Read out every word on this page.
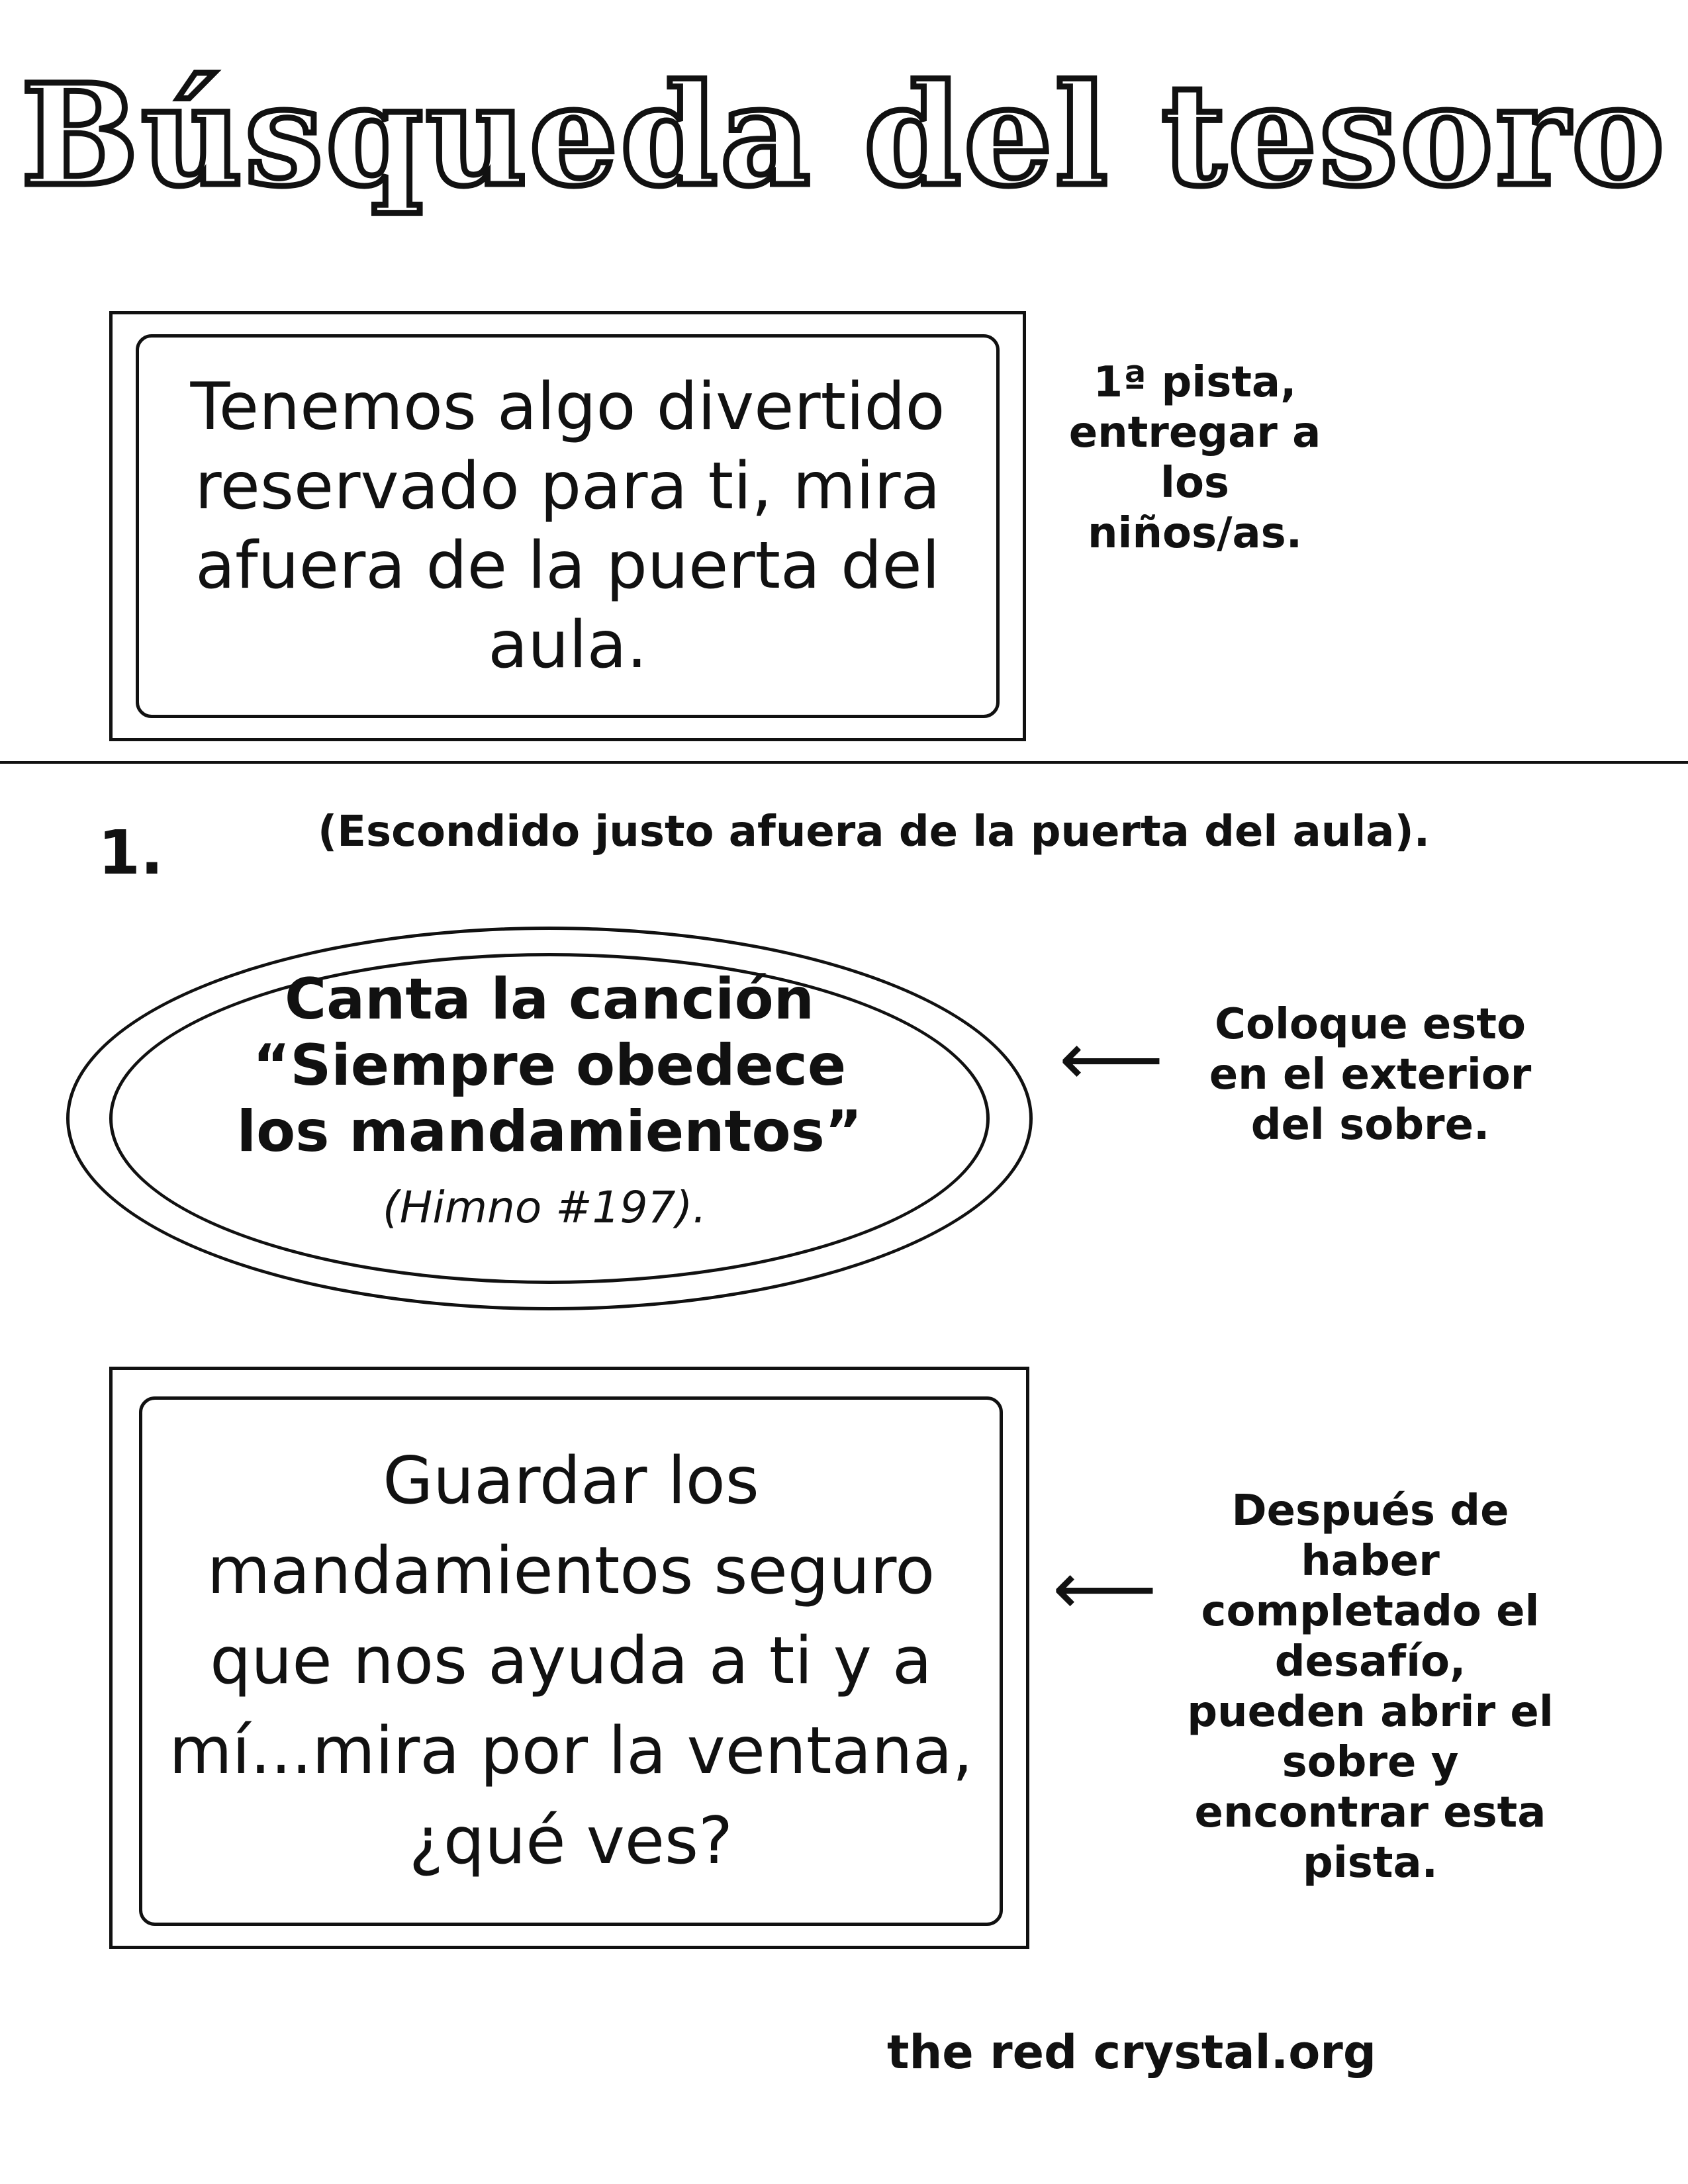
Búsqueda del tesoro
Tenemos algo divertido reservado para ti, mira afuera de la puerta del aula.
1ª pista, entregar a los niños/as.
1.	(Escondido justo afuera de la puerta del aula).
Canta la canción “Siempre obedece los mandamientos”
(Himno #197).
⟵	Coloque esto en el exterior del sobre.
Guardar los mandamientos seguro que nos ayuda a ti y a mí...mira por la ventana, ¿qué ves?
⟵
Después de haber completado el desafío, pueden abrir el sobre y encontrar esta pista.
the red crystal.org
